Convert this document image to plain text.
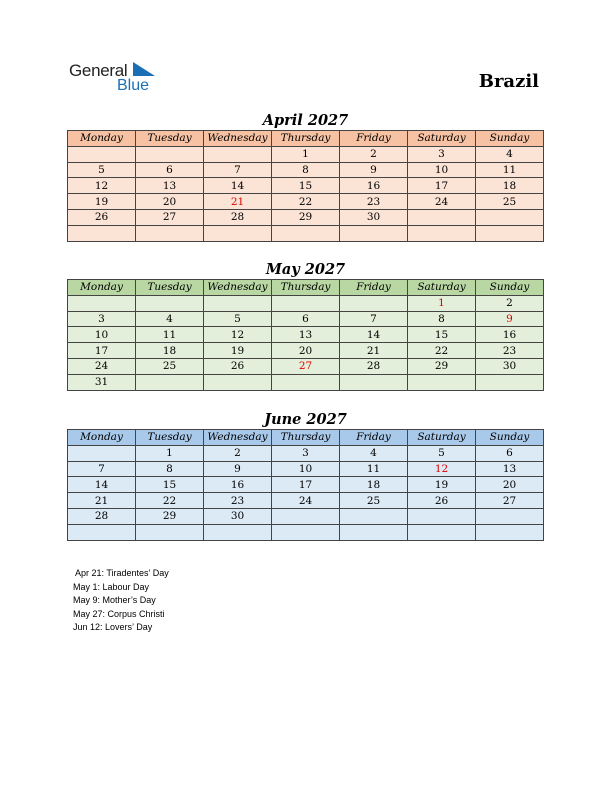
General
Blue	Brazil
April 2027
Monday	Tuesday	Wednesday	Thursday	Friday	Saturday	Sunday
			1	2	3	4
5	6	7	8	9	10	11
12	13	14	15	16	17	18
19	20	21	22	23	24	25
26	27	28	29	30		

May 2027
Monday	Tuesday	Wednesday	Thursday	Friday	Saturday	Sunday
					1	2
3	4	5	6	7	8	9
10	11	12	13	14	15	16
17	18	19	20	21	22	23
24	25	26	27	28	29	30
31						
June 2027
Monday	Tuesday	Wednesday	Thursday	Friday	Saturday	Sunday
	1	2	3	4	5	6
7	8	9	10	11	12	13
14	15	16	17	18	19	20
21	22	23	24	25	26	27
28	29	30				

Apr 21: Tiradentes’ Day
May 1: Labour Day
May 9: Mother’s Day
May 27: Corpus Christi
Jun 12: Lovers’ Day
